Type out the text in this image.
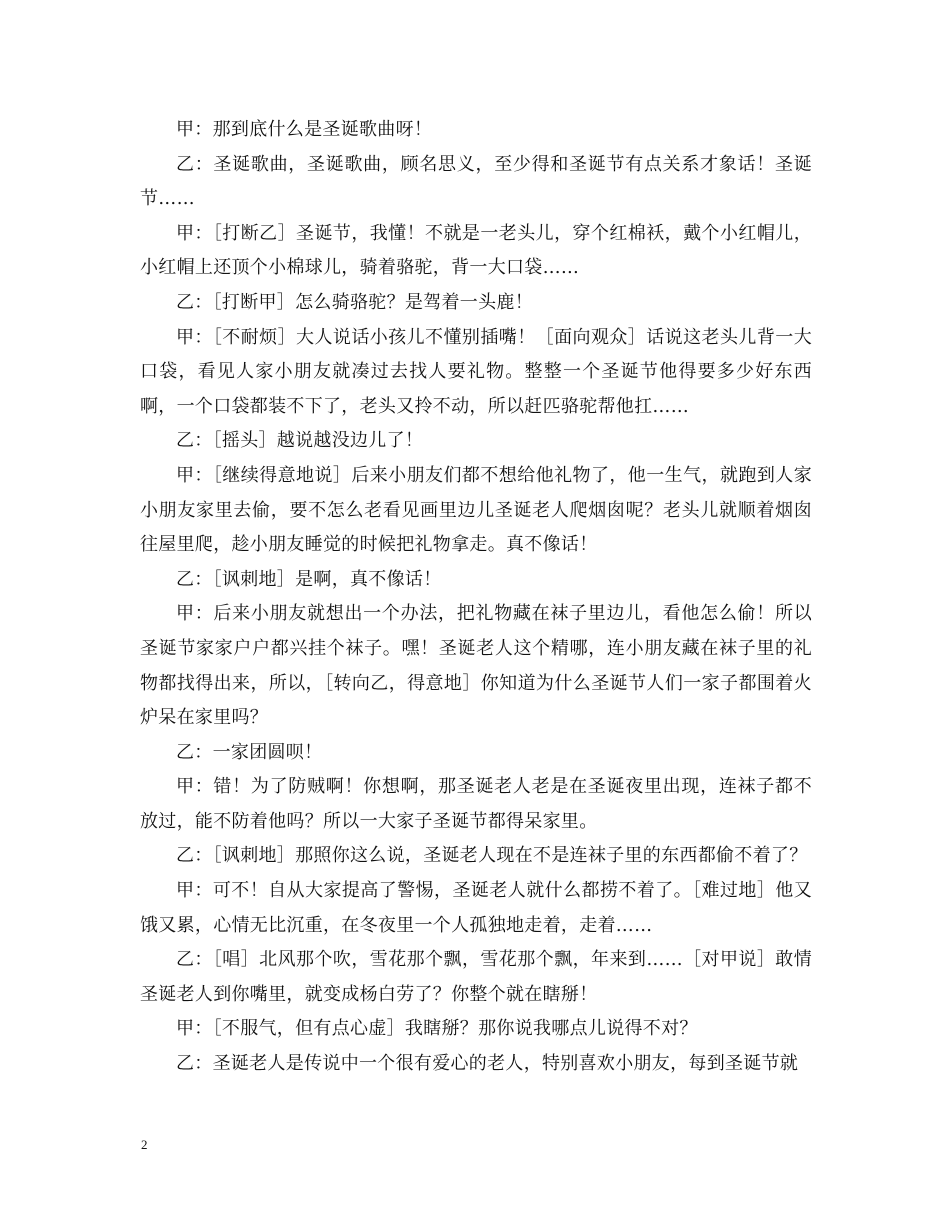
甲：那到底什么是圣诞歌曲呀！

乙：圣诞歌曲，圣诞歌曲，顾名思义，至少得和圣诞节有点关系才象话！圣诞节……

甲：［打断乙］圣诞节，我懂！不就是一老头儿，穿个红棉袄，戴个小红帽儿，小红帽上还顶个小棉球儿，骑着骆驼，背一大口袋……

乙：［打断甲］怎么骑骆驼？是驾着一头鹿！

甲：［不耐烦］大人说话小孩儿不懂别插嘴！［面向观众］话说这老头儿背一大口袋，看见人家小朋友就凑过去找人要礼物。整整一个圣诞节他得要多少好东西啊，一个口袋都装不下了，老头又拎不动，所以赶匹骆驼帮他扛……

乙：［摇头］越说越没边儿了！

甲：［继续得意地说］后来小朋友们都不想给他礼物了，他一生气，就跑到人家小朋友家里去偷，要不怎么老看见画里边儿圣诞老人爬烟囱呢？老头儿就顺着烟囱往屋里爬，趁小朋友睡觉的时候把礼物拿走。真不像话！

乙：［讽刺地］是啊，真不像话！

甲：后来小朋友就想出一个办法，把礼物藏在袜子里边儿，看他怎么偷！所以圣诞节家家户户都兴挂个袜子。嘿！圣诞老人这个精哪，连小朋友藏在袜子里的礼物都找得出来，所以，［转向乙，得意地］你知道为什么圣诞节人们一家子都围着火炉呆在家里吗？

乙：一家团圆呗！

甲：错！为了防贼啊！你想啊，那圣诞老人老是在圣诞夜里出现，连袜子都不放过，能不防着他吗？所以一大家子圣诞节都得呆家里。

乙：［讽刺地］那照你这么说，圣诞老人现在不是连袜子里的东西都偷不着了？

甲：可不！自从大家提高了警惕，圣诞老人就什么都捞不着了。［难过地］他又饿又累，心情无比沉重，在冬夜里一个人孤独地走着，走着……

乙：［唱］北风那个吹，雪花那个飘，雪花那个飘，年来到……［对甲说］敢情圣诞老人到你嘴里，就变成杨白劳了？你整个就在瞎掰！

甲：［不服气，但有点心虚］我瞎掰？那你说我哪点儿说得不对？

乙：圣诞老人是传说中一个很有爱心的老人，特别喜欢小朋友，每到圣诞节就

2
